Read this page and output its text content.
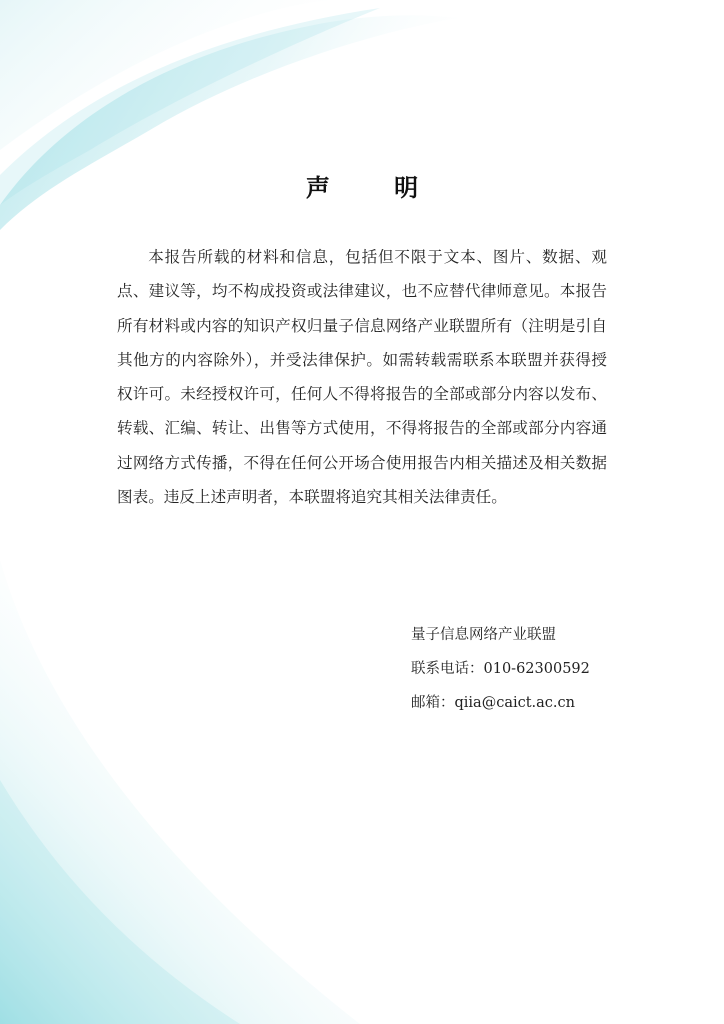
声 明

本报告所载的材料和信息，包括但不限于文本、图片、数据、观点、建议等，均不构成投资或法律建议，也不应替代律师意见。本报告所有材料或内容的知识产权归量子信息网络产业联盟所有（注明是引自其他方的内容除外），并受法律保护。如需转载需联系本联盟并获得授权许可。未经授权许可，任何人不得将报告的全部或部分内容以发布、转载、汇编、转让、出售等方式使用，不得将报告的全部或部分内容通过网络方式传播，不得在任何公开场合使用报告内相关描述及相关数据图表。违反上述声明者，本联盟将追究其相关法律责任。

量子信息网络产业联盟
联系电话：010-62300592
邮箱：qiia@caict.ac.cn
